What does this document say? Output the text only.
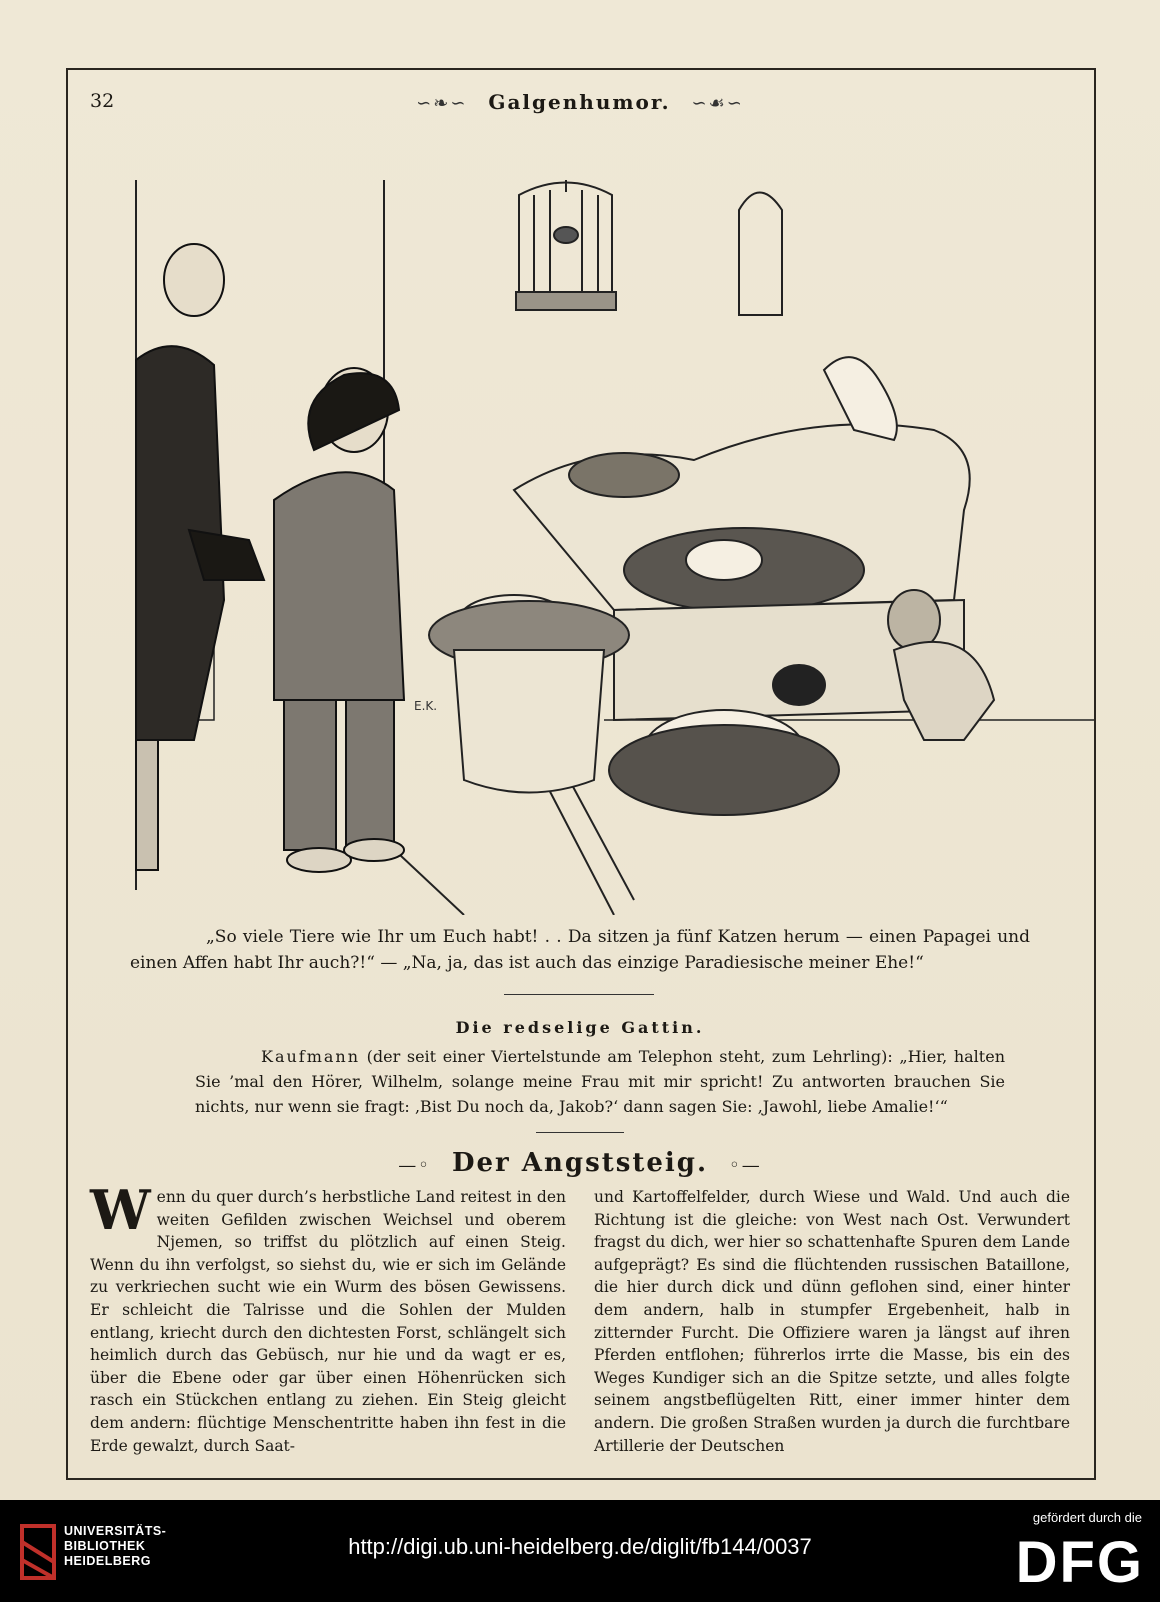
32	∽❧∽ Galgenhumor. ∽☙∽
E.K.

„So viele Tiere wie Ihr um Euch habt! . . Da sitzen ja fünf Katzen herum — einen Papagei und einen Affen habt Ihr auch?!“ — „Na, ja, das ist auch das einzige Paradiesische meiner Ehe!“

Die redselige Gattin.

Kaufmann (der seit einer Viertelstunde am Telephon steht, zum Lehrling): „Hier, halten Sie ’mal den Hörer, Wilhelm, solange meine Frau mit mir spricht! Zu antworten brauchen Sie nichts, nur wenn sie fragt: ‚Bist Du noch da, Jakob?‘ dann sagen Sie: ‚Jawohl, liebe Amalie!‘“

—◦ Der Angststeig. ◦—

Wenn du quer durch’s herbstliche Land reitest in den weiten Gefilden zwischen Weichsel und oberem Njemen, so triffst du plötzlich auf einen Steig. Wenn du ihn verfolgst, so siehst du, wie er sich im Gelände zu verkriechen sucht wie ein Wurm des bösen Gewissens. Er schleicht die Talrisse und die Sohlen der Mulden entlang, kriecht durch den dichtesten Forst, schlängelt sich heimlich durch das Gebüsch, nur hie und da wagt er es, über die Ebene oder gar über einen Höhenrücken sich rasch ein Stückchen entlang zu ziehen. Ein Steig gleicht dem andern: flüchtige Menschentritte haben ihn fest in die Erde gewalzt, durch Saat-

und Kartoffelfelder, durch Wiese und Wald. Und auch die Richtung ist die gleiche: von West nach Ost. Verwundert fragst du dich, wer hier so schattenhafte Spuren dem Lande aufgeprägt? Es sind die flüchtenden russischen Bataillone, die hier durch dick und dünn geflohen sind, einer hinter dem andern, halb in stumpfer Ergebenheit, halb in zitternder Furcht. Die Offiziere waren ja längst auf ihren Pferden entflohen; führerlos irrte die Masse, bis ein des Weges Kundiger sich an die Spitze setzte, und alles folgte seinem angstbeflügelten Ritt, einer immer hinter dem andern. Die großen Straßen wurden ja durch die furchtbare Artillerie der Deutschen

UNIVERSITÄTS-
BIBLIOTHEK
HEIDELBERG
http://digi.ub.uni-heidelberg.de/diglit/fb144/0037
gefördert durch die
DFG
